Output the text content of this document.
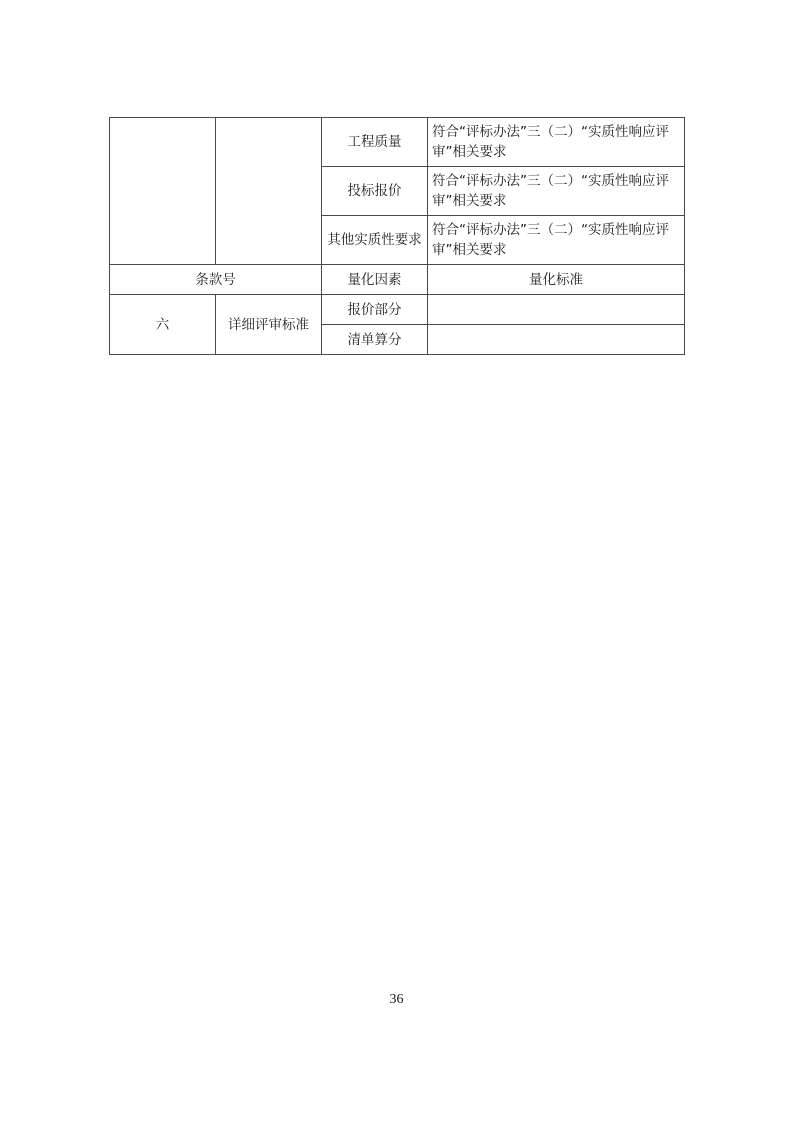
		工程质量	符合“评标办法”三（二）“实质性响应评审”相关要求
		投标报价	符合“评标办法”三（二）“实质性响应评审”相关要求
		其他实质性要求	符合“评标办法”三（二）“实质性响应评审”相关要求
条款号		量化因素	量化标准
六	详细评审标准	报价部分	
		清单算分	
36
